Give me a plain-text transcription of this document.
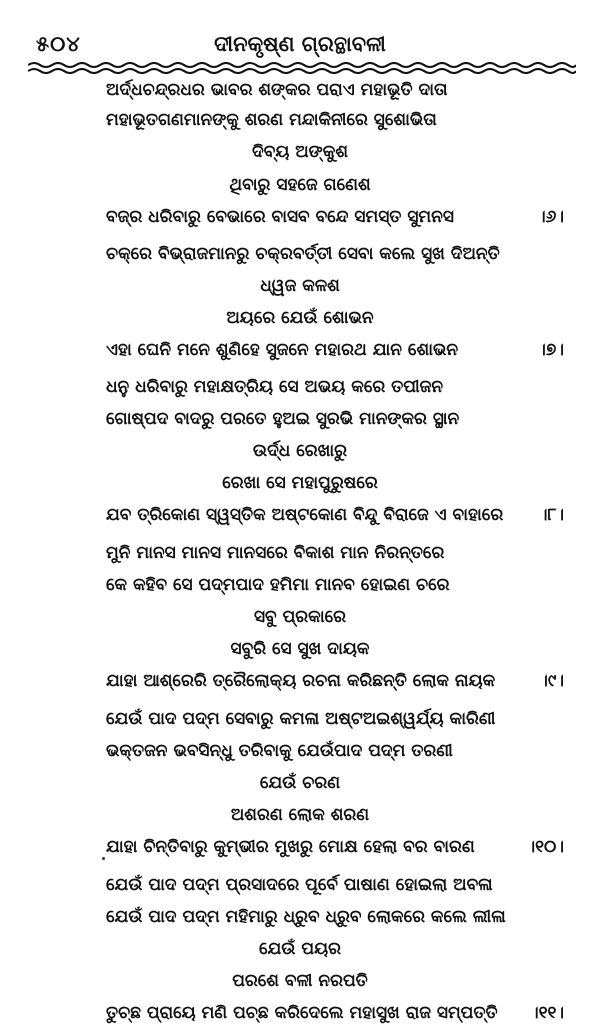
ଦୀନକୃଷ୍ଣ ଗ୍ରନ୍ଥାବଳୀ
୫୦୪
ଅର୍ଦ୍ଧଚନ୍ଦ୍ରଧର ଭାବର ଶଙ୍କର ପରାଏ ମହାଭୂତି ଦାତା
ମହାଭୂତଗଣମାନଙ୍କୁ ଶରଣ ମନ୍ଦାକିନୀରେ ସୁଶୋଭିତା
ଦିବ୍ୟ ଅଙ୍କୁଶ
ଥିବାରୁ ସହଜେ ଗଣେଶ
ବଜ୍ର ଧରିବାରୁ ବେଭାରେ ବାସବ ବନ୍ଦେ ସମସ୍ତ ସୁମନସ	।୬।
ଚକ୍ରେ ବିଭ୍ରାଜମାନରୁ ଚକ୍ରବର୍ତ୍ତୀ ସେବା କଲେ ସୁଖ ଦିଅନ୍ତି
ଧ୍ୱଜ କଳଶ
ଅୟରେ ଯେଉଁ ଶୋଭନ
ଏହା ଘେନି ମନେ ଶୁଣିହେ ସୁଜନେ ମହାରଥ ଯାନ ଶୋଭନ	।୭।
ଧନୁ ଧରିବାରୁ ମହାକ୍ଷତ୍ରିୟ ସେ ଅଭୟ କରେ ତପୀଜନ
ଗୋଷ୍ପଦ ବାଦରୁ ପରତେ ହୁଅଇ ସୁରଭି ମାନଙ୍କର ସ୍ଥାନ
ଉର୍ଦ୍ଧ ରେଖାରୁ
ରେଖା ସେ ମହାପୁରୁଷରେ
ଯବ ତ୍ରିକୋଣ ସ୍ୱସ୍ତିକ ଅଷ୍ଟକୋଣ ବିନ୍ଦୁ ବିରାଜେ ଏ ବାହାରେ ।୮।
ମୁନି ମାନସ ମାନସ ମାନସରେ ବିକାଶ ମାନ ନିରନ୍ତରେ
କେ କହିବ ସେ ପଦ୍ମପାଦ ହମିମା ମାନବ ହୋଇଣ ଚରେ
ସବୁ ପ୍ରକାରେ
ସବୁରି ସେ ସୁଖ ଦାୟକ
ଯାହା ଆଶ୍ରେରି ତ୍ରୈଲୋକ୍ୟ ରଚନା କରିଛନ୍ତି ଲୋକ ନାୟକ	।୯।
ଯେଉଁ ପାଦ ପଦ୍ମ ସେବାରୁ କମଳା ଅଷ୍ଟଅଇଶ୍ୱର୍ଯ୍ୟ କାରିଣୀ
ଭକ୍ତଜନ ଭବସିନ୍ଧୁ ତରିବାକୁ ଯେଉଁପାଦ ପଦ୍ମ ତରଣୀ
ଯେଉଁ ଚରଣ
ଅଶରଣ ଲୋକ ଶରଣ
ଯାହା ଚିନ୍ତିବାରୁ କୁମ୍ଭୀର ମୁଖରୁ ମୋକ୍ଷ ହେଲା ବର ବାରଣ	।୧୦।
ଯେଉଁ ପାଦ ପଦ୍ମ ପ୍ରସାଦରେ ପୂର୍ବେ ପାଷାଣ ହୋଇଲା ଅବଳା
ଯେଉଁ ପାଦ ପଦ୍ମ ମହିମାରୁ ଧ୍ରୁବ ଧ୍ରୁବ ଲୋକରେ କଲେ ଲୀଳା
ଯେଉଁ ପୟର
ପରଶେ ବଳୀ ନରପତି
ତୁଚ୍ଛ ପ୍ରାୟେ ମଣି ପଚ୍ଛ କରିଦେଲେ ମହାସୁଖ ରାଜ ସମ୍ପତ୍ତି ।୧୧।
